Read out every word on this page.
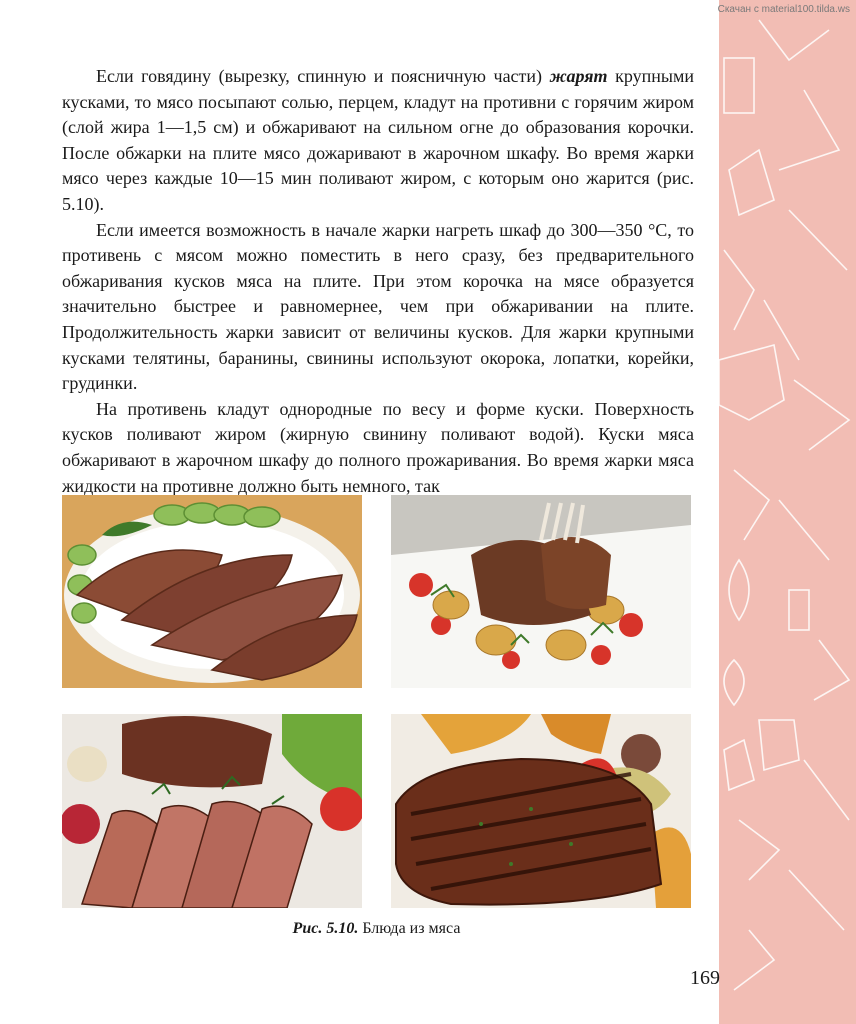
Скачан с material100.tilda.ws

Если говядину (вырезку, спинную и поясничную части) жарят крупными кусками, то мясо посыпают солью, перцем, кладут на противни с горячим жиром (слой жира 1—1,5 см) и обжаривают на сильном огне до образования корочки. После обжарки на плите мясо дожаривают в жарочном шкафу. Во время жарки мясо через каждые 10—15 мин поливают жиром, с которым оно жарится (рис. 5.10).

Если имеется возможность в начале жарки нагреть шкаф до 300—350 °С, то противень с мясом можно поместить в него сразу, без предварительного обжаривания кусков мяса на плите. При этом корочка на мясе образуется значительно быстрее и равномернее, чем при обжаривании на плите. Продолжительность жарки зависит от величины кусков. Для жарки крупными кусками телятины, баранины, свинины используют окорока, лопатки, корейки, грудинки.

На противень кладут однородные по весу и форме куски. Поверхность кусков поливают жиром (жирную свинину поливают водой). Куски мяса обжаривают в жарочном шкафу до полного прожаривания. Во время жарки мяса жидкости на противне должно быть немного, так

Рис. 5.10. Блюда из мяса
169
